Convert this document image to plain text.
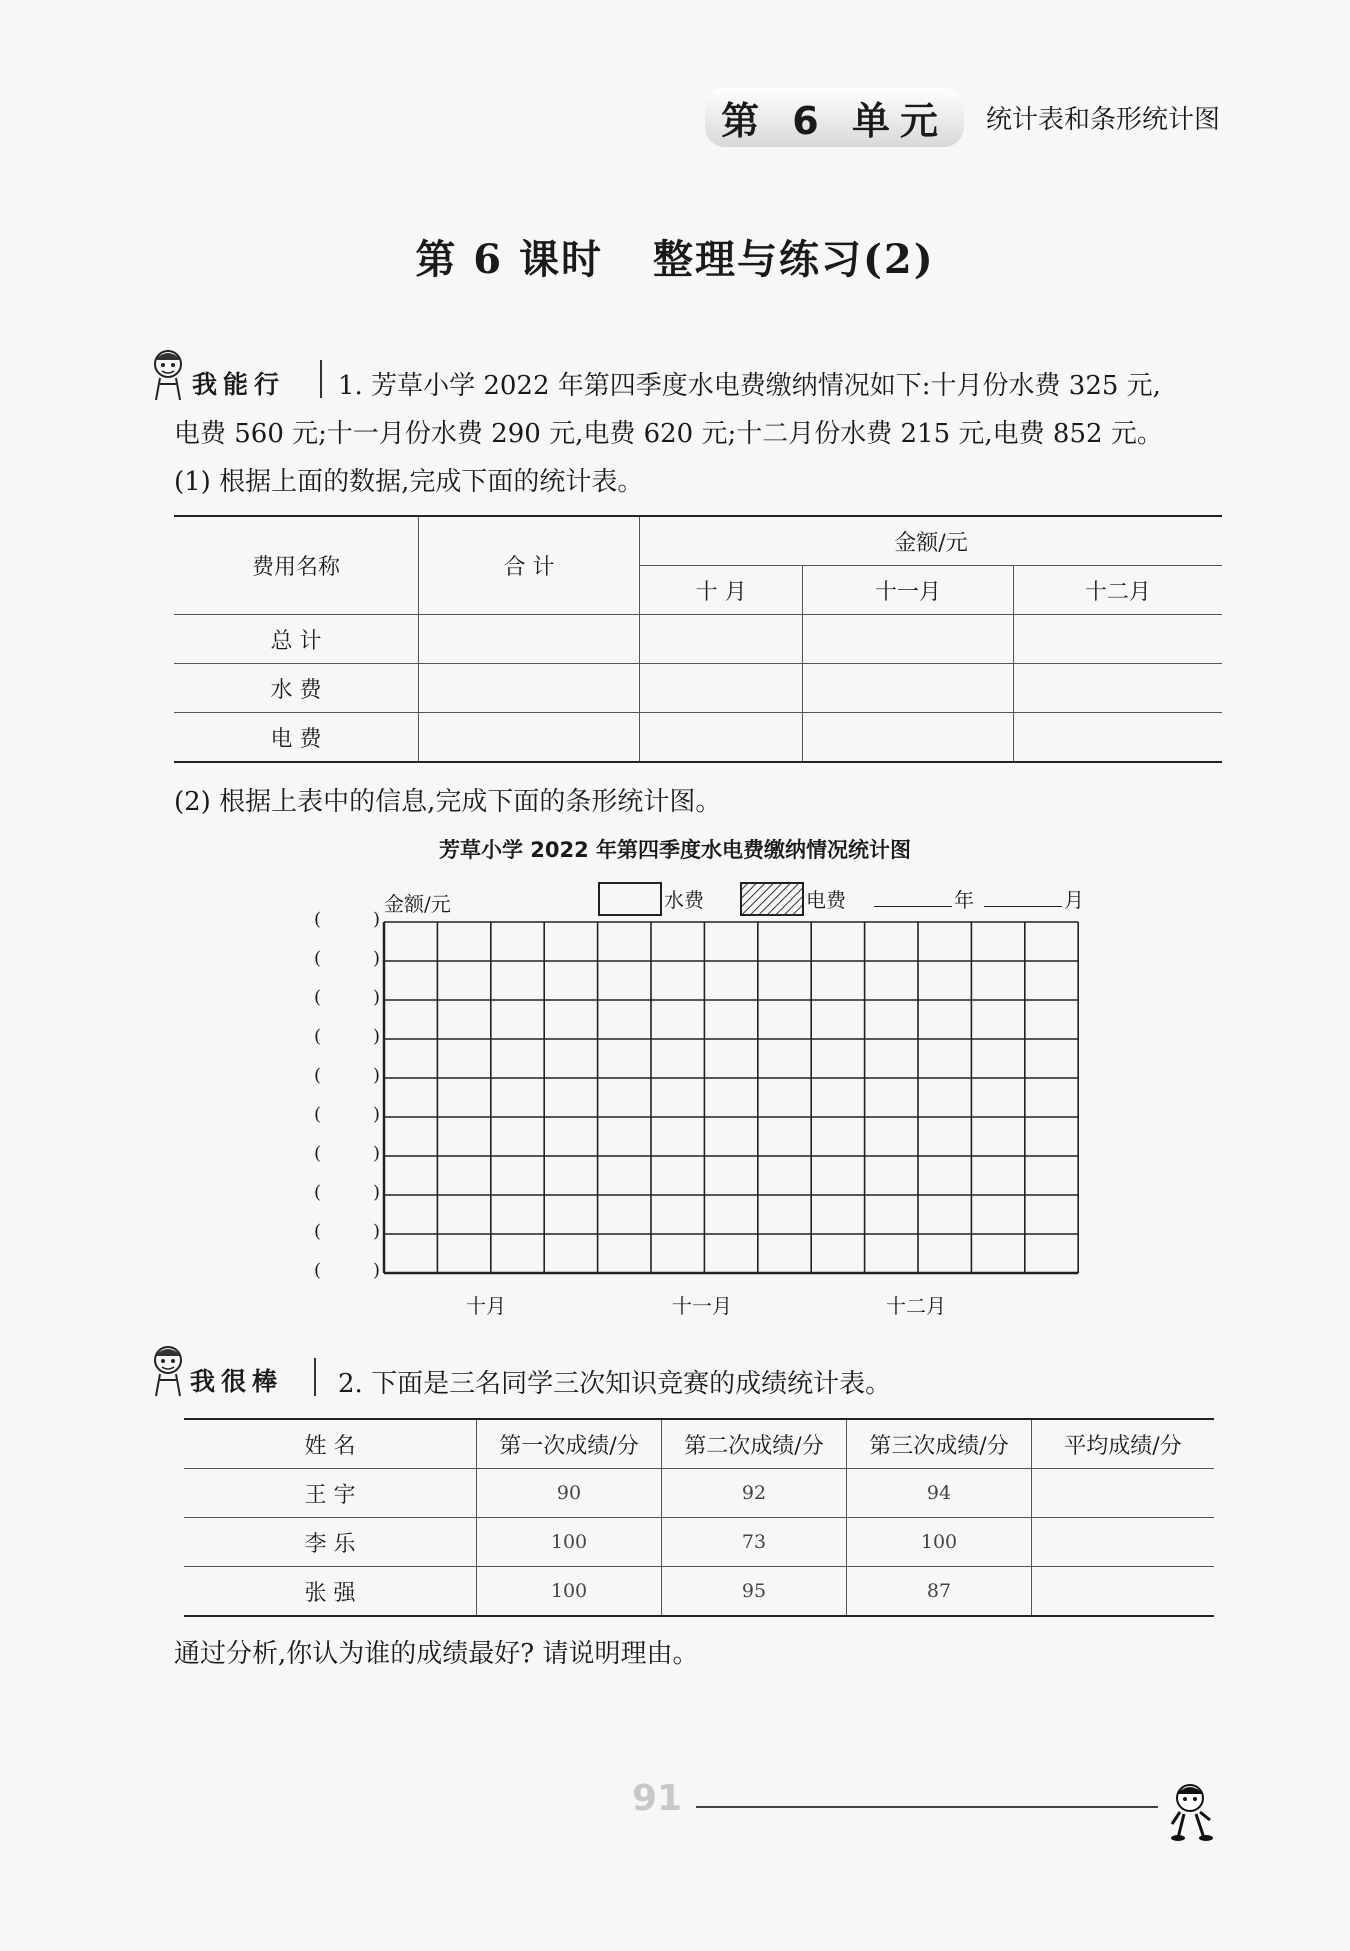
第 6 单元	统计表和条形统计图
第 6 课时 整理与练习(2)
我能行 1. 芳草小学 2022 年第四季度水电费缴纳情况如下:十月份水费 325 元,
电费 560 元;十一月份水费 290 元,电费 620 元;十二月份水费 215 元,电费 852 元。
(1) 根据上面的数据,完成下面的统计表。
费用名称	合 计	金额/元		
		十 月	十一月	十二月
总 计				
水 费				
电 费				
(2) 根据上表中的信息,完成下面的条形统计图。
芳草小学 2022 年第四季度水电费缴纳情况统计图
金额/元	水费	电费	年	月
(	)
(	)
(	)
(	)
(	)
(	)
(	)
(	)
(	)
(	)
十月	十一月	十二月
我很棒 2. 下面是三名同学三次知识竞赛的成绩统计表。
姓 名	第一次成绩/分	第二次成绩/分	第三次成绩/分	平均成绩/分
王 宇	90	92	94	
李 乐	100	73	100	
张 强	100	95	87	
通过分析,你认为谁的成绩最好? 请说明理由。
91
